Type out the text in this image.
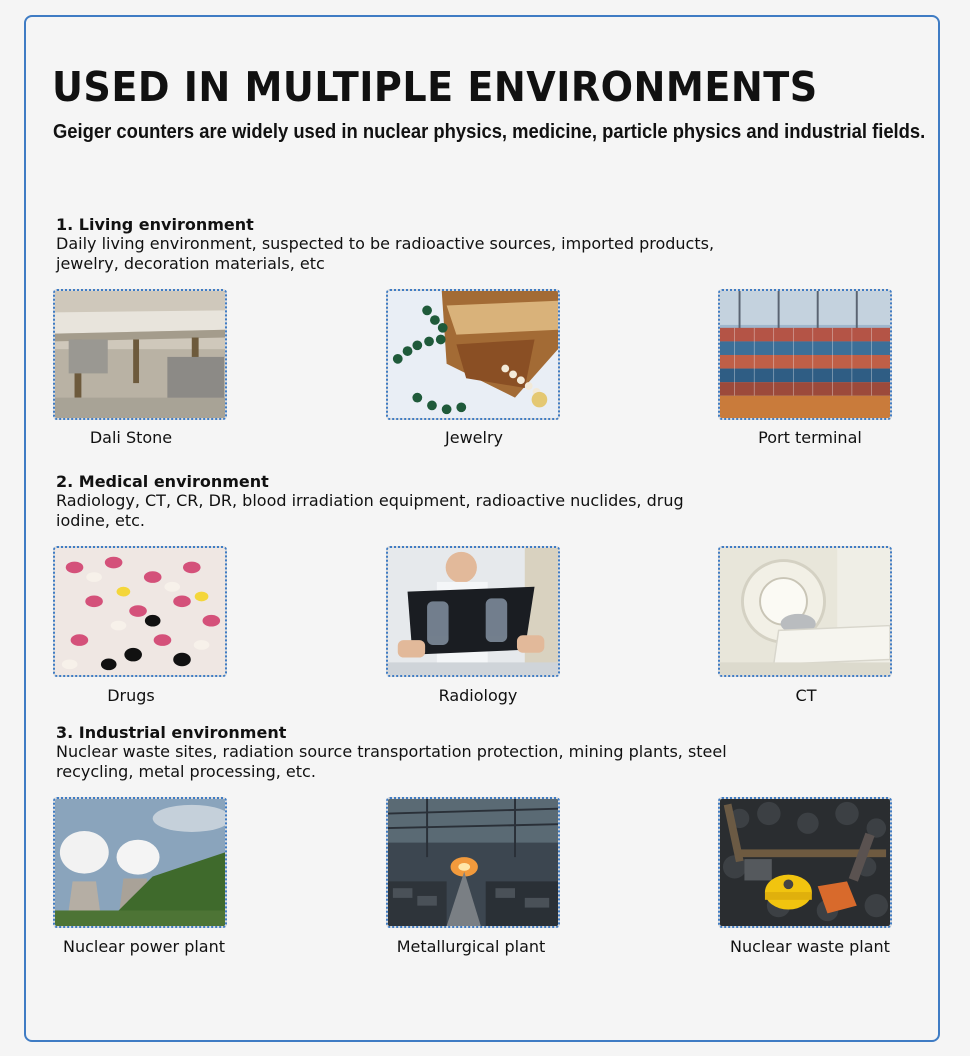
USED IN MULTIPLE ENVIRONMENTS
Geiger counters are widely used in nuclear physics, medicine, particle physics and industrial fields.
1. Living environment
Daily living environment, suspected to be radioactive sources, imported products, jewelry, decoration materials, etc
Dali Stone	Jewelry	Port terminal
2. Medical environment
Radiology, CT, CR, DR, blood irradiation equipment, radioactive nuclides, drug iodine, etc.
Drugs	Radiology	CT
3. Industrial environment
Nuclear waste sites, radiation source transportation protection, mining plants, steel recycling, metal processing, etc.
Nuclear power plant	Metallurgical plant	Nuclear waste plant
